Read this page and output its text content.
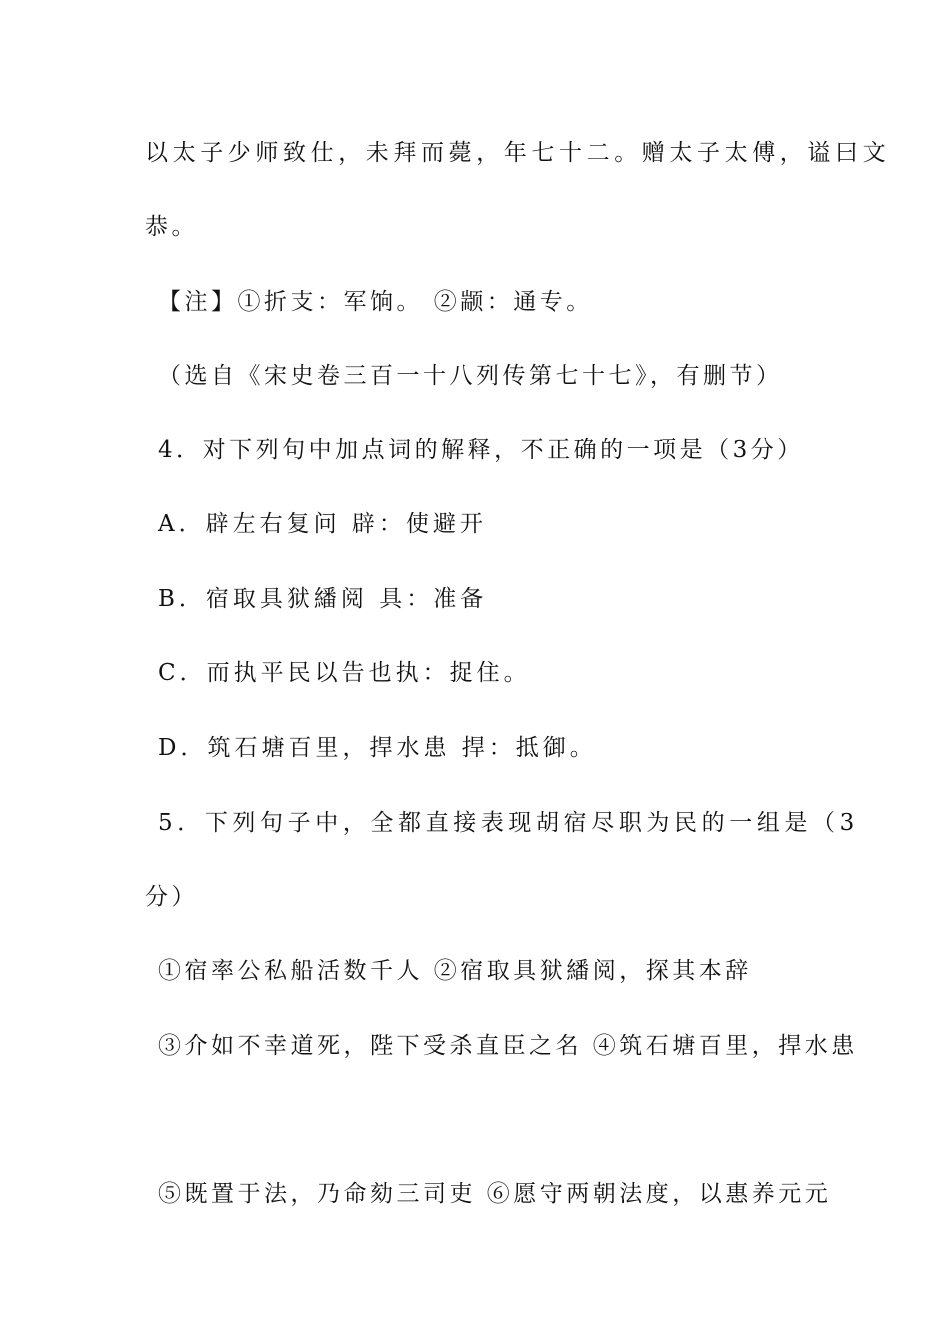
以太子少师致仕，未拜而薨，年七十二。赠太子太傅，谥曰文
恭。
【注】①折支：军饷。 ②颛：通专。
（选自《宋史卷三百一十八列传第七十七》，有删节）
4．对下列句中加点词的解释，不正确的一项是（3分）
A．辟左右复问 辟：使避开
B．宿取具狱繙阅 具：准备
C．而执平民以告也执：捉住。
D．筑石塘百里，捍水患 捍：抵御。
5．下列句子中，全都直接表现胡宿尽职为民的一组是（3
分）
①宿率公私船活数千人 ②宿取具狱繙阅，探其本辞
③介如不幸道死，陛下受杀直臣之名 ④筑石塘百里，捍水患
⑤既置于法，乃命劾三司吏 ⑥愿守两朝法度，以惠养元元
